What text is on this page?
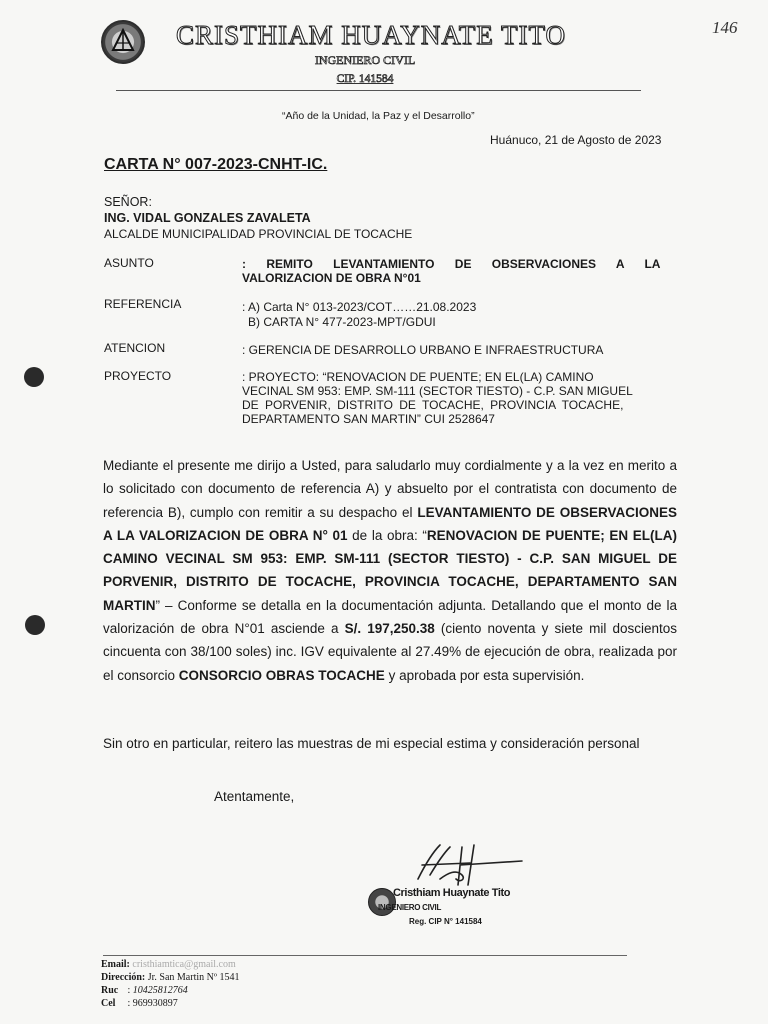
CRISTHIAM HUAYNATE TITO
INGENIERO CIVIL
CIP. 141584
146
“Año de la Unidad, la Paz y el Desarrollo”
Huánuco, 21 de Agosto de 2023
CARTA N° 007-2023-CNHT-IC.
SEÑOR:
ING. VIDAL GONZALES ZAVALETA
ALCALDE MUNICIPALIDAD PROVINCIAL DE TOCACHE
ASUNTO	: REMITO LEVANTAMIENTO DE OBSERVACIONES A LA
VALORIZACION DE OBRA N°01
REFERENCIA	: A) Carta N° 013-2023/COT……21.08.2023
B) CARTA N° 477-2023-MPT/GDUI
ATENCION	: GERENCIA DE DESARROLLO URBANO E INFRAESTRUCTURA
PROYECTO	: PROYECTO: “RENOVACION DE PUENTE; EN EL(LA) CAMINO
VECINAL SM 953: EMP. SM-111 (SECTOR TIESTO) - C.P. SAN MIGUEL
DE PORVENIR, DISTRITO DE TOCACHE, PROVINCIA TOCACHE,
DEPARTAMENTO SAN MARTIN” CUI 2528647
Mediante el presente me dirijo a Usted, para saludarlo muy cordialmente y a la vez en merito a lo solicitado con documento de referencia A) y absuelto por el contratista con documento de referencia B), cumplo con remitir a su despacho el LEVANTAMIENTO DE OBSERVACIONES A LA VALORIZACION DE OBRA N° 01 de la obra: “RENOVACION DE PUENTE; EN EL(LA) CAMINO VECINAL SM 953: EMP. SM-111 (SECTOR TIESTO) - C.P. SAN MIGUEL DE PORVENIR, DISTRITO DE TOCACHE, PROVINCIA TOCACHE, DEPARTAMENTO SAN MARTIN” – Conforme se detalla en la documentación adjunta. Detallando que el monto de la valorización de obra N°01 asciende a S/. 197,250.38 (ciento noventa y siete mil doscientos cincuenta con 38/100 soles) inc. IGV equivalente al 27.49% de ejecución de obra, realizada por el consorcio CONSORCIO OBRAS TOCACHE y aprobada por esta supervisión.
Sin otro en particular, reitero las muestras de mi especial estima y consideración personal
Atentamente,
Cristhiam Huaynate Tito
INGENIERO CIVIL
Reg. CIP N° 141584
Email: cristhiamtica@gmail.com
Dirección: Jr. San Martin Nº 1541
Ruc : 10425812764
Cel : 969930897
